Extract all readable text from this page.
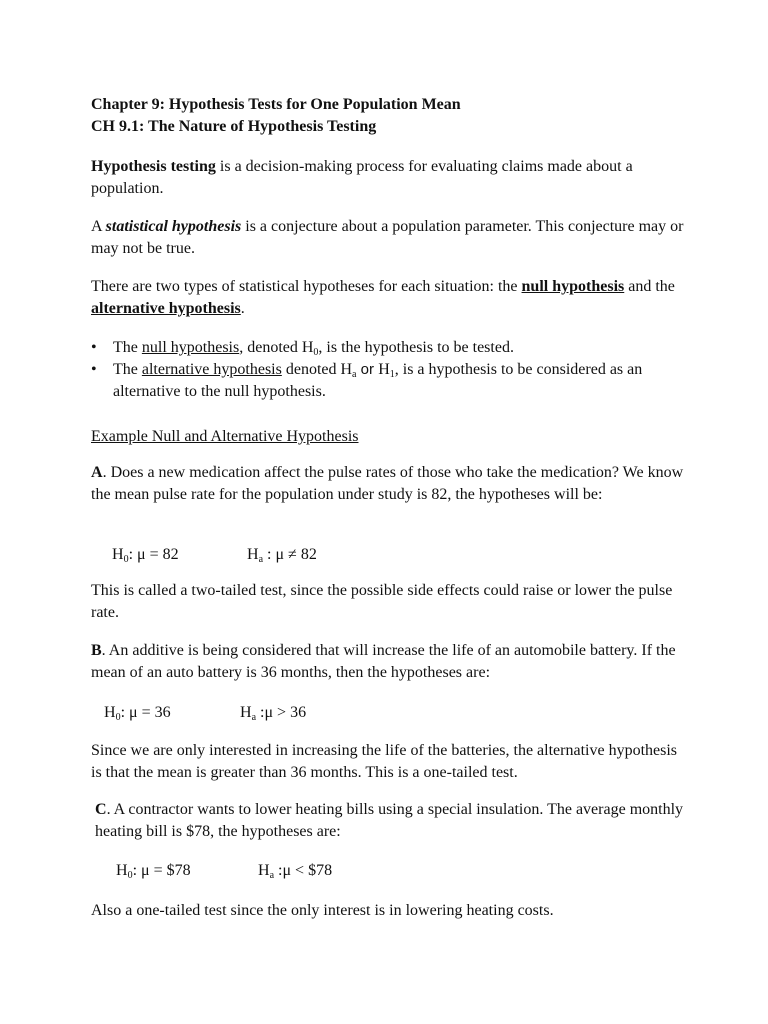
Chapter 9: Hypothesis Tests for One Population Mean
CH 9.1: The Nature of Hypothesis Testing
Hypothesis testing is a decision-making process for evaluating claims made about a population.
A statistical hypothesis is a conjecture about a population parameter. This conjecture may or may not be true.
There are two types of statistical hypotheses for each situation: the null hypothesis and the alternative hypothesis.
•	The null hypothesis, denoted $H_0$, is the hypothesis to be tested.
•	The alternative hypothesis denoted $H_a$ or $H_1$, is a hypothesis to be considered as an alternative to the null hypothesis.
Example Null and Alternative Hypothesis
A. Does a new medication affect the pulse rates of those who take the medication? We know the mean pulse rate for the population under study is 82, the hypotheses will be:
$H_0$: μ = 82	$H_a$ : μ ≠ 82
This is called a two-tailed test, since the possible side effects could raise or lower the pulse rate.
B. An additive is being considered that will increase the life of an automobile battery. If the mean of an auto battery is 36 months, then the hypotheses are:
$H_0$: μ = 36	$H_a$ :μ > 36
Since we are only interested in increasing the life of the batteries, the alternative hypothesis is that the mean is greater than 36 months. This is a one-tailed test.
C. A contractor wants to lower heating bills using a special insulation. The average monthly heating bill is $78, the hypotheses are:
$H_0$: μ = $78	$H_a$ :μ < $78
Also a one-tailed test since the only interest is in lowering heating costs.
